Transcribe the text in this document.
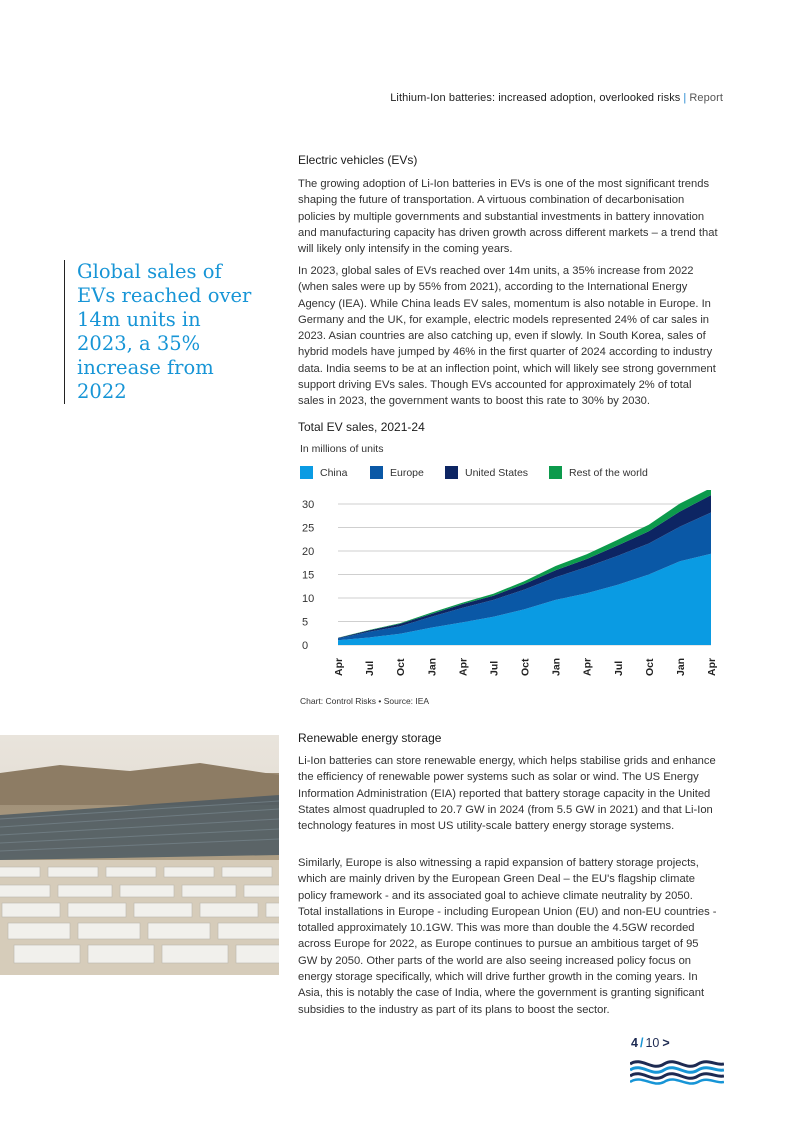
Lithium-Ion batteries: increased adoption, overlooked risks | Report
Electric vehicles (EVs)

The growing adoption of Li-Ion batteries in EVs is one of the most significant trends shaping the future of transportation. A virtuous combination of decarbonisation policies by multiple governments and substantial investments in battery innovation and manufacturing capacity has driven growth across different markets – a trend that will likely only intensify in the coming years.

In 2023, global sales of EVs reached over 14m units, a 35% increase from 2022 (when sales were up by 55% from 2021), according to the International Energy Agency (IEA). While China leads EV sales, momentum is also notable in Europe. In Germany and the UK, for example, electric models represented 24% of car sales in 2023. Asian countries are also catching up, even if slowly. In South Korea, sales of hybrid models have jumped by 46% in the first quarter of 2024 according to industry data. India seems to be at an inflection point, which will likely see strong government support driving EVs sales. Though EVs accounted for approximately 2% of total sales in 2023, the government wants to boost this rate to 30% by 2030.

Global sales of EVs reached over 14m units in 2023, a 35% increase from 2022
Total EV sales, 2021-24
In millions of units
China	Europe	United States	Rest of the world
0
5
10
15
20
25
30
Apr Jul Oct Jan Apr Jul Oct Jan Apr Jul Oct Jan Apr
Chart: Control Risks • Source: IEA
Renewable energy storage

Li-Ion batteries can store renewable energy, which helps stabilise grids and enhance the efficiency of renewable power systems such as solar or wind. The US Energy Information Administration (EIA) reported that battery storage capacity in the United States almost quadrupled to 20.7 GW in 2024 (from 5.5 GW in 2021) and that Li-Ion technology features in most US utility-scale battery energy storage systems.

Similarly, Europe is also witnessing a rapid expansion of battery storage projects, which are mainly driven by the European Green Deal – the EU's flagship climate policy framework - and its associated goal to achieve climate neutrality by 2050. Total installations in Europe - including European Union (EU) and non-EU countries - totalled approximately 10.1GW. This was more than double the 4.5GW recorded across Europe for 2022, as Europe continues to pursue an ambitious target of 95 GW by 2050. Other parts of the world are also seeing increased policy focus on energy storage specifically, which will drive further growth in the coming years. In Asia, this is notably the case of India, where the government is granting significant subsidies to the industry as part of its plans to boost the sector.

4 / 10 >
